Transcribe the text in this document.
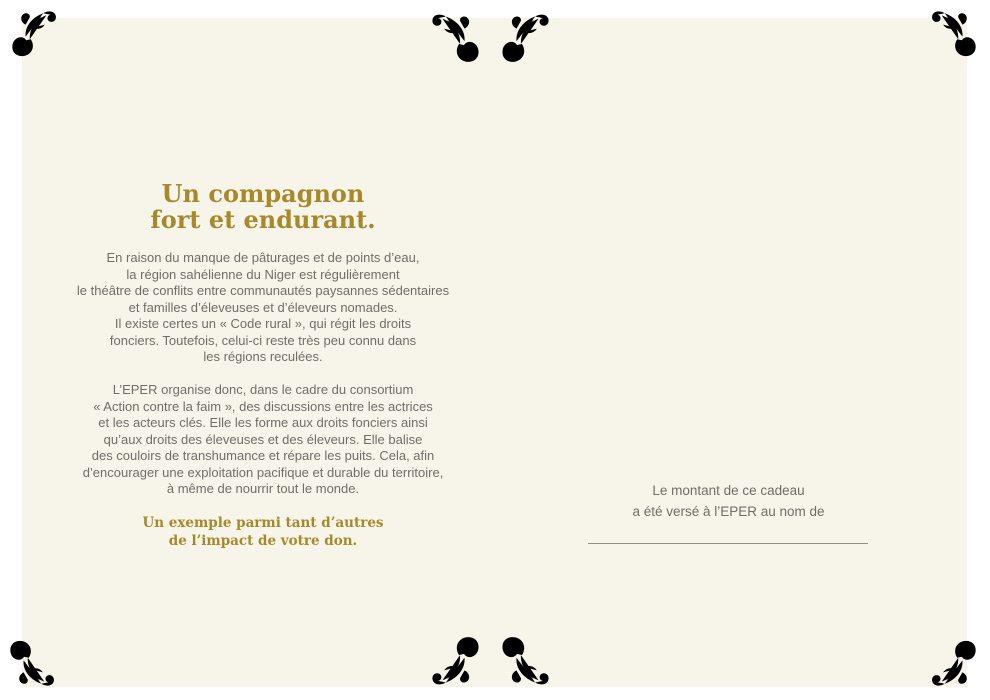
Un compagnon
fort et endurant.
En raison du manque de pâturages et de points d’eau,
la région sahélienne du Niger est régulièrement
le théâtre de conflits entre communautés paysannes sédentaires
et familles d’éleveuses et d’éleveurs nomades.
Il existe certes un « Code rural », qui régit les droits
fonciers. Toutefois, celui-ci reste très peu connu dans
les régions reculées.
L’EPER organise donc, dans le cadre du consortium
« Action contre la faim », des discussions entre les actrices
et les acteurs clés. Elle les forme aux droits fonciers ainsi
qu’aux droits des éleveuses et des éleveurs. Elle balise
des couloirs de transhumance et répare les puits. Cela, afin
d’encourager une exploitation pacifique et durable du territoire,
à même de nourrir tout le monde.
Un exemple parmi tant d’autres
de l’impact de votre don.
Le montant de ce cadeau
a été versé à l’EPER au nom de
